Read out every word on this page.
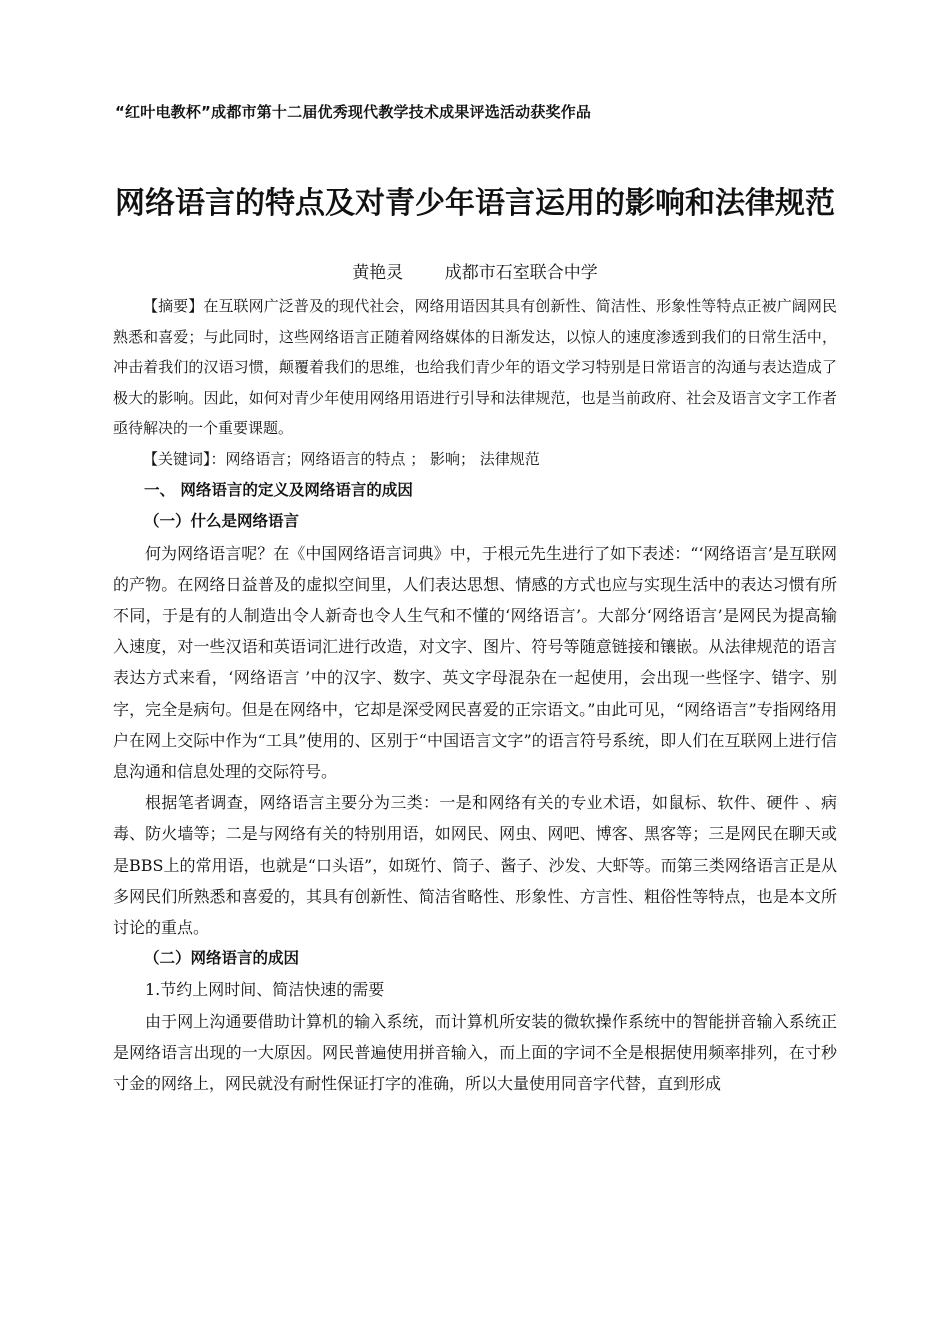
“红叶电教杯”成都市第十二届优秀现代教学技术成果评选活动获奖作品
网络语言的特点及对青少年语言运用的影响和法律规范
黄艳灵 成都市石室联合中学

【摘要】在互联网广泛普及的现代社会，网络用语因其具有创新性、简洁性、形象性等特点正被广阔网民熟悉和喜爱；与此同时，这些网络语言正随着网络媒体的日渐发达，以惊人的速度渗透到我们的日常生活中，冲击着我们的汉语习惯，颠覆着我们的思维，也给我们青少年的语文学习特别是日常语言的沟通与表达造成了极大的影响。因此，如何对青少年使用网络用语进行引导和法律规范，也是当前政府、社会及语言文字工作者亟待解决的一个重要课题。

【关键词】：网络语言；网络语言的特点 ； 影响； 法律规范

一、 网络语言的定义及网络语言的成因

（一）什么是网络语言

何为网络语言呢？在《中国网络语言词典》中，于根元先生进行了如下表述：“‘网络语言’是互联网的产物。在网络日益普及的虚拟空间里，人们表达思想、情感的方式也应与实现生活中的表达习惯有所不同，于是有的人制造出令人新奇也令人生气和不懂的‘网络语言’。大部分‘网络语言’是网民为提高输入速度，对一些汉语和英语词汇进行改造，对文字、图片、符号等随意链接和镶嵌。从法律规范的语言表达方式来看，‘网络语言 ’中的汉字、数字、英文字母混杂在一起使用，会出现一些怪字、错字、别字，完全是病句。但是在网络中，它却是深受网民喜爱的正宗语文。”由此可见，“网络语言”专指网络用户在网上交际中作为“工具”使用的、区别于“中国语言文字”的语言符号系统，即人们在互联网上进行信息沟通和信息处理的交际符号。

根据笔者调查，网络语言主要分为三类：一是和网络有关的专业术语，如鼠标、软件、硬件 、病毒、防火墙等；二是与网络有关的特别用语，如网民、网虫、网吧、博客、黑客等；三是网民在聊天或是BBS上的常用语，也就是“口头语”，如斑竹、筒子、酱子、沙发、大虾等。而第三类网络语言正是从多网民们所熟悉和喜爱的，其具有创新性、简洁省略性、形象性、方言性、粗俗性等特点，也是本文所讨论的重点。

（二）网络语言的成因

1.节约上网时间、简洁快速的需要

由于网上沟通要借助计算机的输入系统，而计算机所安装的微软操作系统中的智能拼音输入系统正是网络语言出现的一大原因。网民普遍使用拼音输入，而上面的字词不全是根据使用频率排列，在寸秒寸金的网络上，网民就没有耐性保证打字的准确，所以大量使用同音字代替，直到形成
